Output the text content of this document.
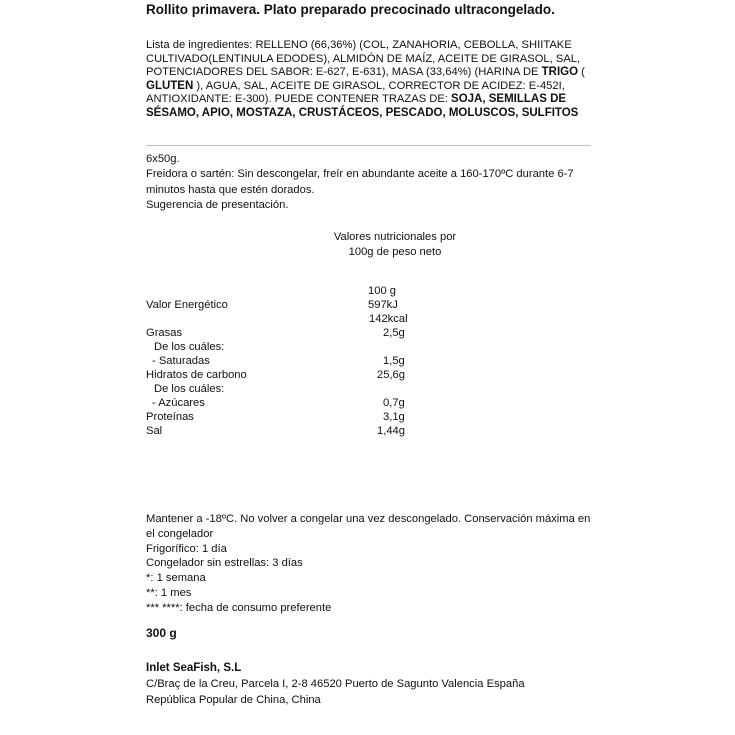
Rollito primavera. Plato preparado precocinado ultracongelado.
Lista de ingredientes: RELLENO (66,36%) (COL, ZANAHORIA, CEBOLLA, SHIITAKE CULTIVADO(LENTINULA EDODES), ALMIDÓN DE MAÍZ, ACEITE DE GIRASOL, SAL, POTENCIADORES DEL SABOR: E-627, E-631), MASA (33,64%) (HARINA DE TRIGO ( GLUTEN ), AGUA, SAL, ACEITE DE GIRASOL, CORRECTOR DE ACIDEZ: E-452I, ANTIOXIDANTE: E-300). PUEDE CONTENER TRAZAS DE: SOJA, SEMILLAS DE SÉSAMO, APIO, MOSTAZA, CRUSTÁCEOS, PESCADO, MOLUSCOS, SULFITOS
6x50g.
Freidora o sartén: Sin descongelar, freír en abundante aceite a 160-170ºC durante 6-7 minutos hasta que estén dorados.
Sugerencia de presentación.
Valores nutricionales por
100g de peso neto
100 g
Valor Energético	597kJ
142kcal
Grasas	2,5g
De los cuáles:
- Saturadas	1,5g
Hidratos de carbono	25,6g
De los cuáles:
- Azúcares	0,7g
Proteínas	3,1g
Sal	1,44g
Mantener a -18ºC. No volver a congelar una vez descongelado. Conservación máxima en el congelador
Frigorífico: 1 día
Congelador sin estrellas: 3 días
*: 1 semana
**: 1 mes
*** ****: fecha de consumo preferente
300 g
Inlet SeaFish, S.L
C/Braç de la Creu, Parcela I, 2-8 46520 Puerto de Sagunto Valencia España
República Popular de China, China
